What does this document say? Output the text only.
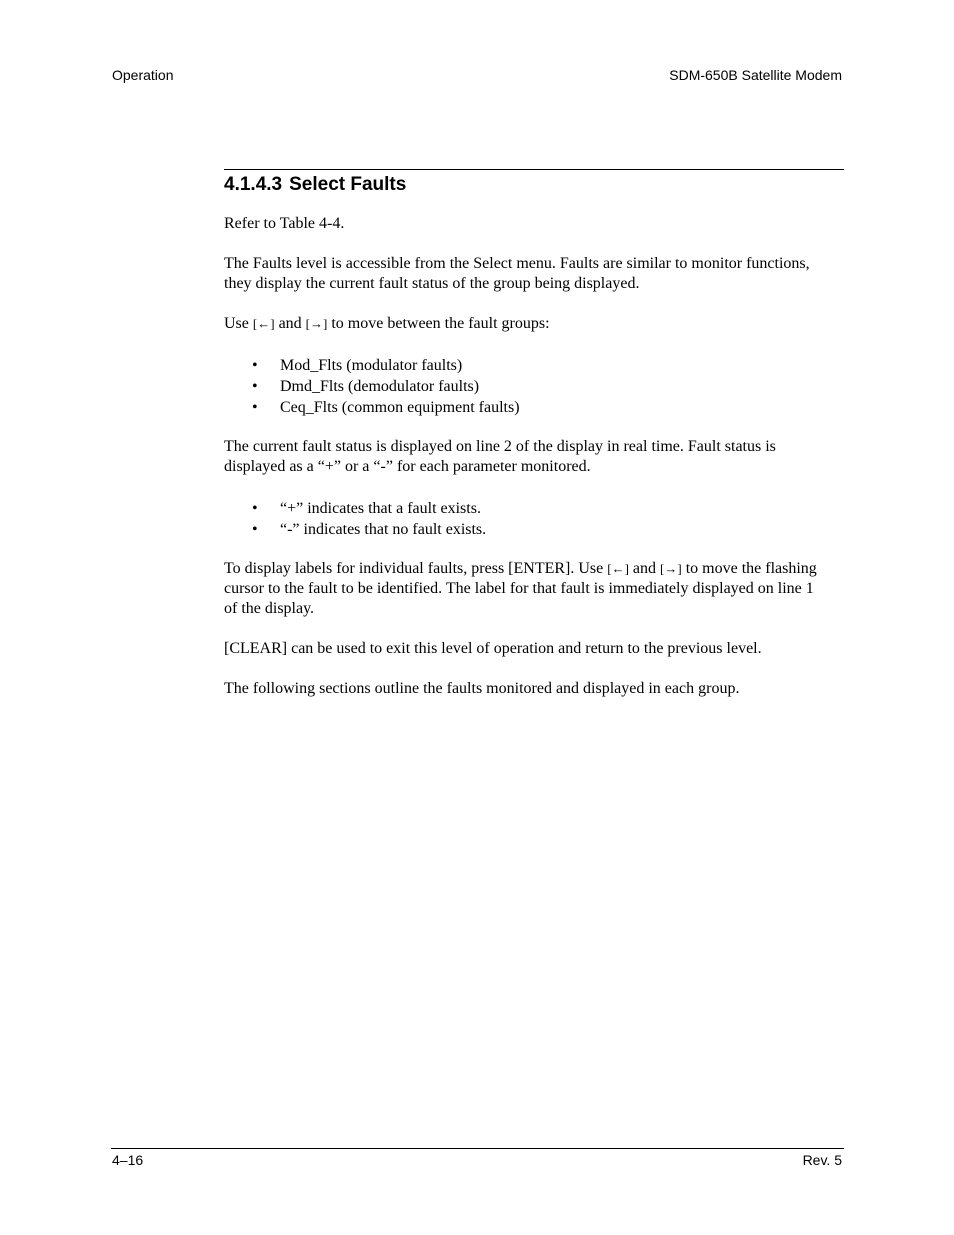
Operation	SDM-650B Satellite Modem
4.1.4.3 Select Faults

Refer to Table 4-4.

The Faults level is accessible from the Select menu. Faults are similar to monitor functions, they display the current fault status of the group being displayed.

Use [←] and [→] to move between the fault groups:

• Mod_Flts (modulator faults)
• Dmd_Flts (demodulator faults)
• Ceq_Flts (common equipment faults)

The current fault status is displayed on line 2 of the display in real time. Fault status is displayed as a “+” or a “-” for each parameter monitored.

• “+” indicates that a fault exists.
• “-” indicates that no fault exists.

To display labels for individual faults, press [ENTER]. Use [←] and [→] to move the flashing cursor to the fault to be identified. The label for that fault is immediately displayed on line 1 of the display.

[CLEAR] can be used to exit this level of operation and return to the previous level.

The following sections outline the faults monitored and displayed in each group.

4–16	Rev. 5
